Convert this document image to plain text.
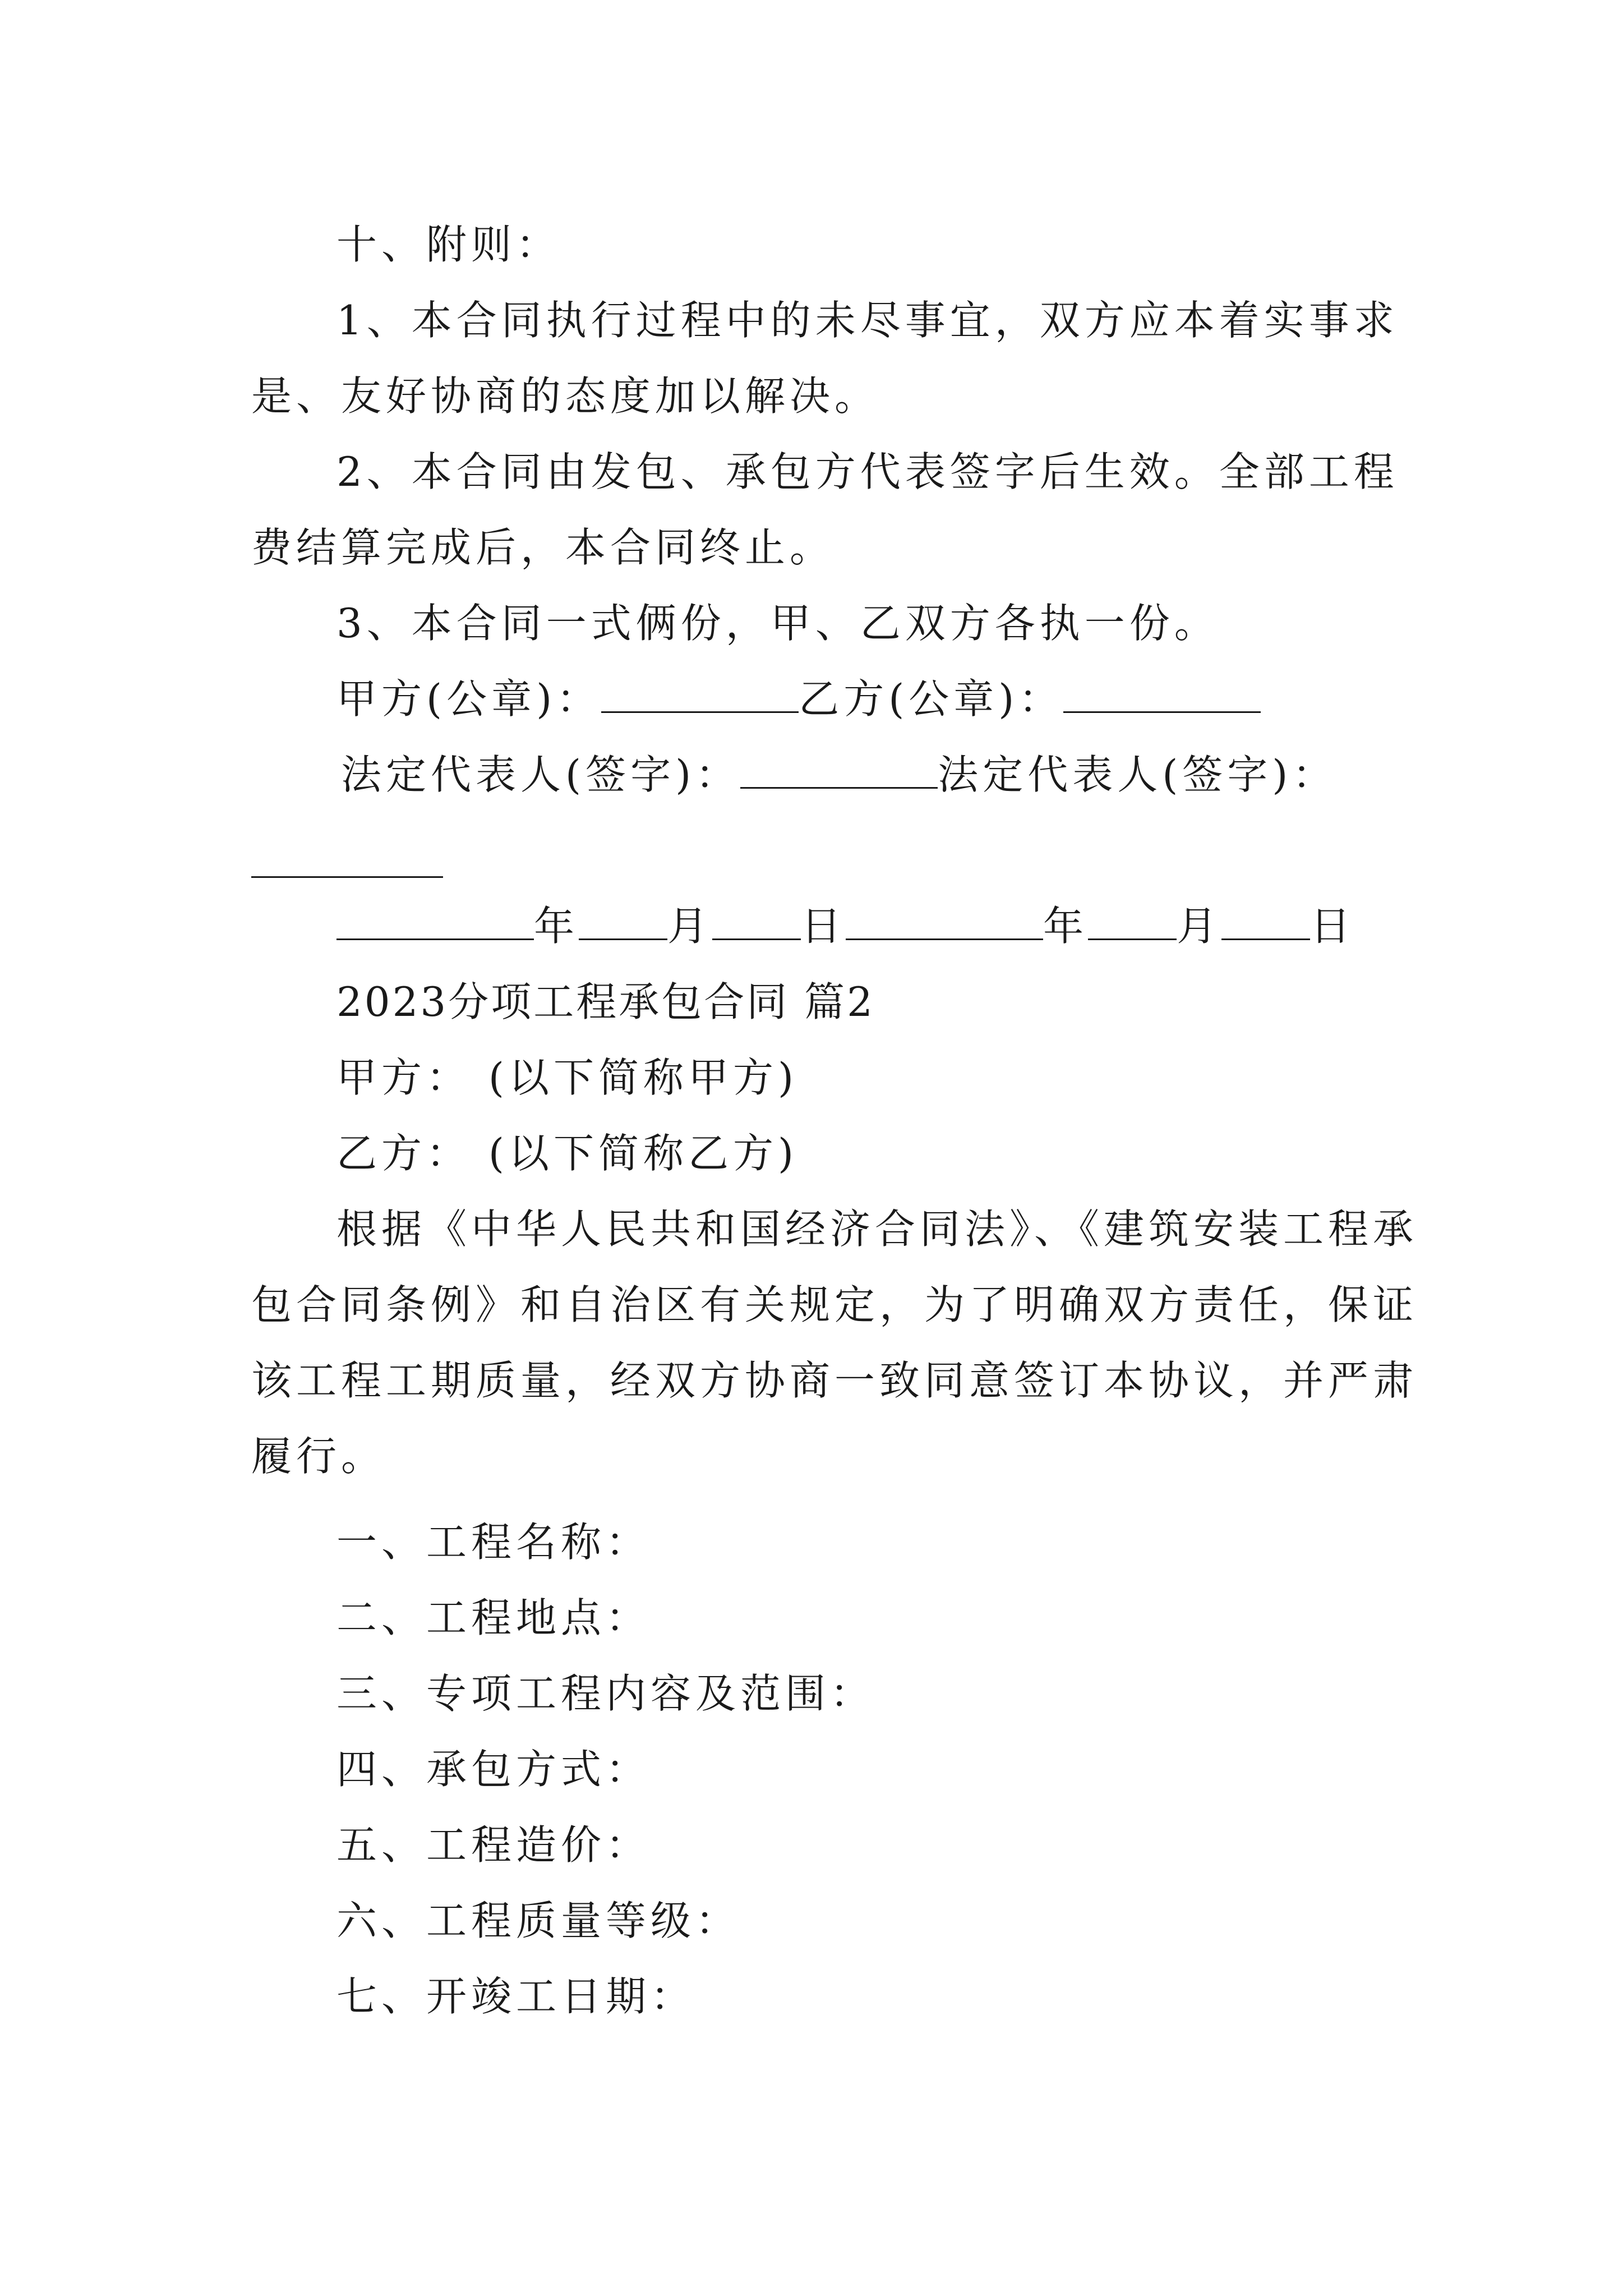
十、附则：
1、本合同执行过程中的未尽事宜，双方应本着实事求
是、友好协商的态度加以解决。
2、本合同由发包、承包方代表签字后生效。全部工程
费结算完成后，本合同终止。
3、本合同一式俩份，甲、乙双方各执一份。
甲方(公章)：	乙方(公章)：
法定代表人(签字)：	法定代表人(签字)：
年 月 日	年 月 日
2023分项工程承包合同 篇2
甲方： (以下简称甲方)
乙方： (以下简称乙方)
根据《中华人民共和国经济合同法》、《建筑安装工程承
包合同条例》和自治区有关规定，为了明确双方责任，保证
该工程工期质量，经双方协商一致同意签订本协议，并严肃
履行。
一、工程名称：
二、工程地点：
三、专项工程内容及范围：
四、承包方式：
五、工程造价：
六、工程质量等级：
七、开竣工日期：
